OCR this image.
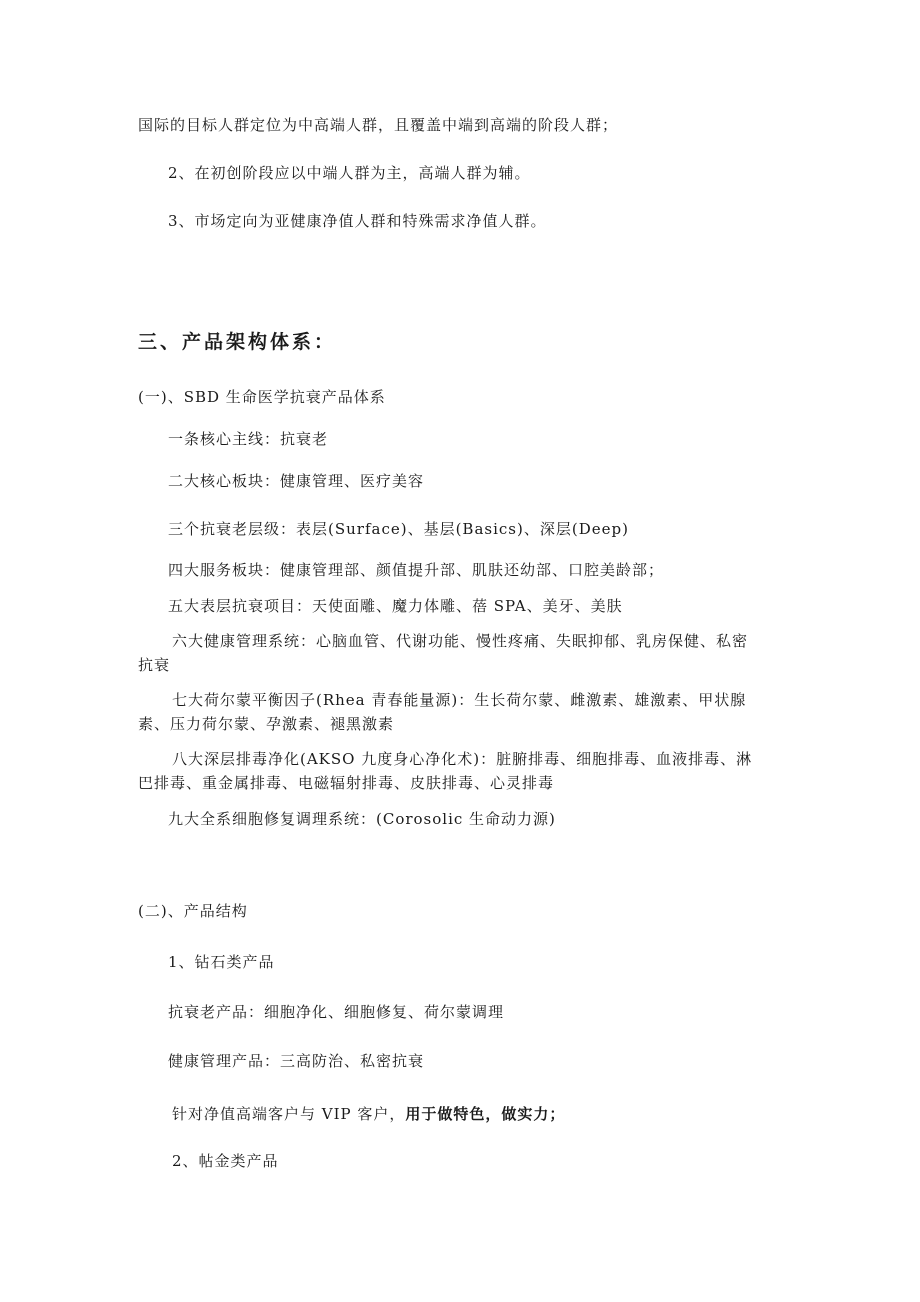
国际的目标人群定位为中高端人群，且覆盖中端到高端的阶段人群；
2、在初创阶段应以中端人群为主，高端人群为辅。
3、市场定向为亚健康净值人群和特殊需求净值人群。
三、产品架构体系：
(一)、SBD 生命医学抗衰产品体系
一条核心主线：抗衰老
二大核心板块：健康管理、医疗美容
三个抗衰老层级：表层(Surface)、基层(Basics)、深层(Deep)
四大服务板块：健康管理部、颜值提升部、肌肤还幼部、口腔美龄部；
五大表层抗衰项目：天使面雕、魔力体雕、蓓 SPA、美牙、美肤
六大健康管理系统：心脑血管、代谢功能、慢性疼痛、失眠抑郁、乳房保健、私密
抗衰
七大荷尔蒙平衡因子(Rhea 青春能量源)：生长荷尔蒙、雌激素、雄激素、甲状腺
素、压力荷尔蒙、孕激素、褪黑激素
八大深层排毒净化(AKSO 九度身心净化术)：脏腑排毒、细胞排毒、血液排毒、淋
巴排毒、重金属排毒、电磁辐射排毒、皮肤排毒、心灵排毒
九大全系细胞修复调理系统：(Corosolic 生命动力源)
(二)、产品结构
1、钻石类产品
抗衰老产品：细胞净化、细胞修复、荷尔蒙调理
健康管理产品：三高防治、私密抗衰
针对净值高端客户与 VIP 客户，用于做特色，做实力；
2、帖金类产品
